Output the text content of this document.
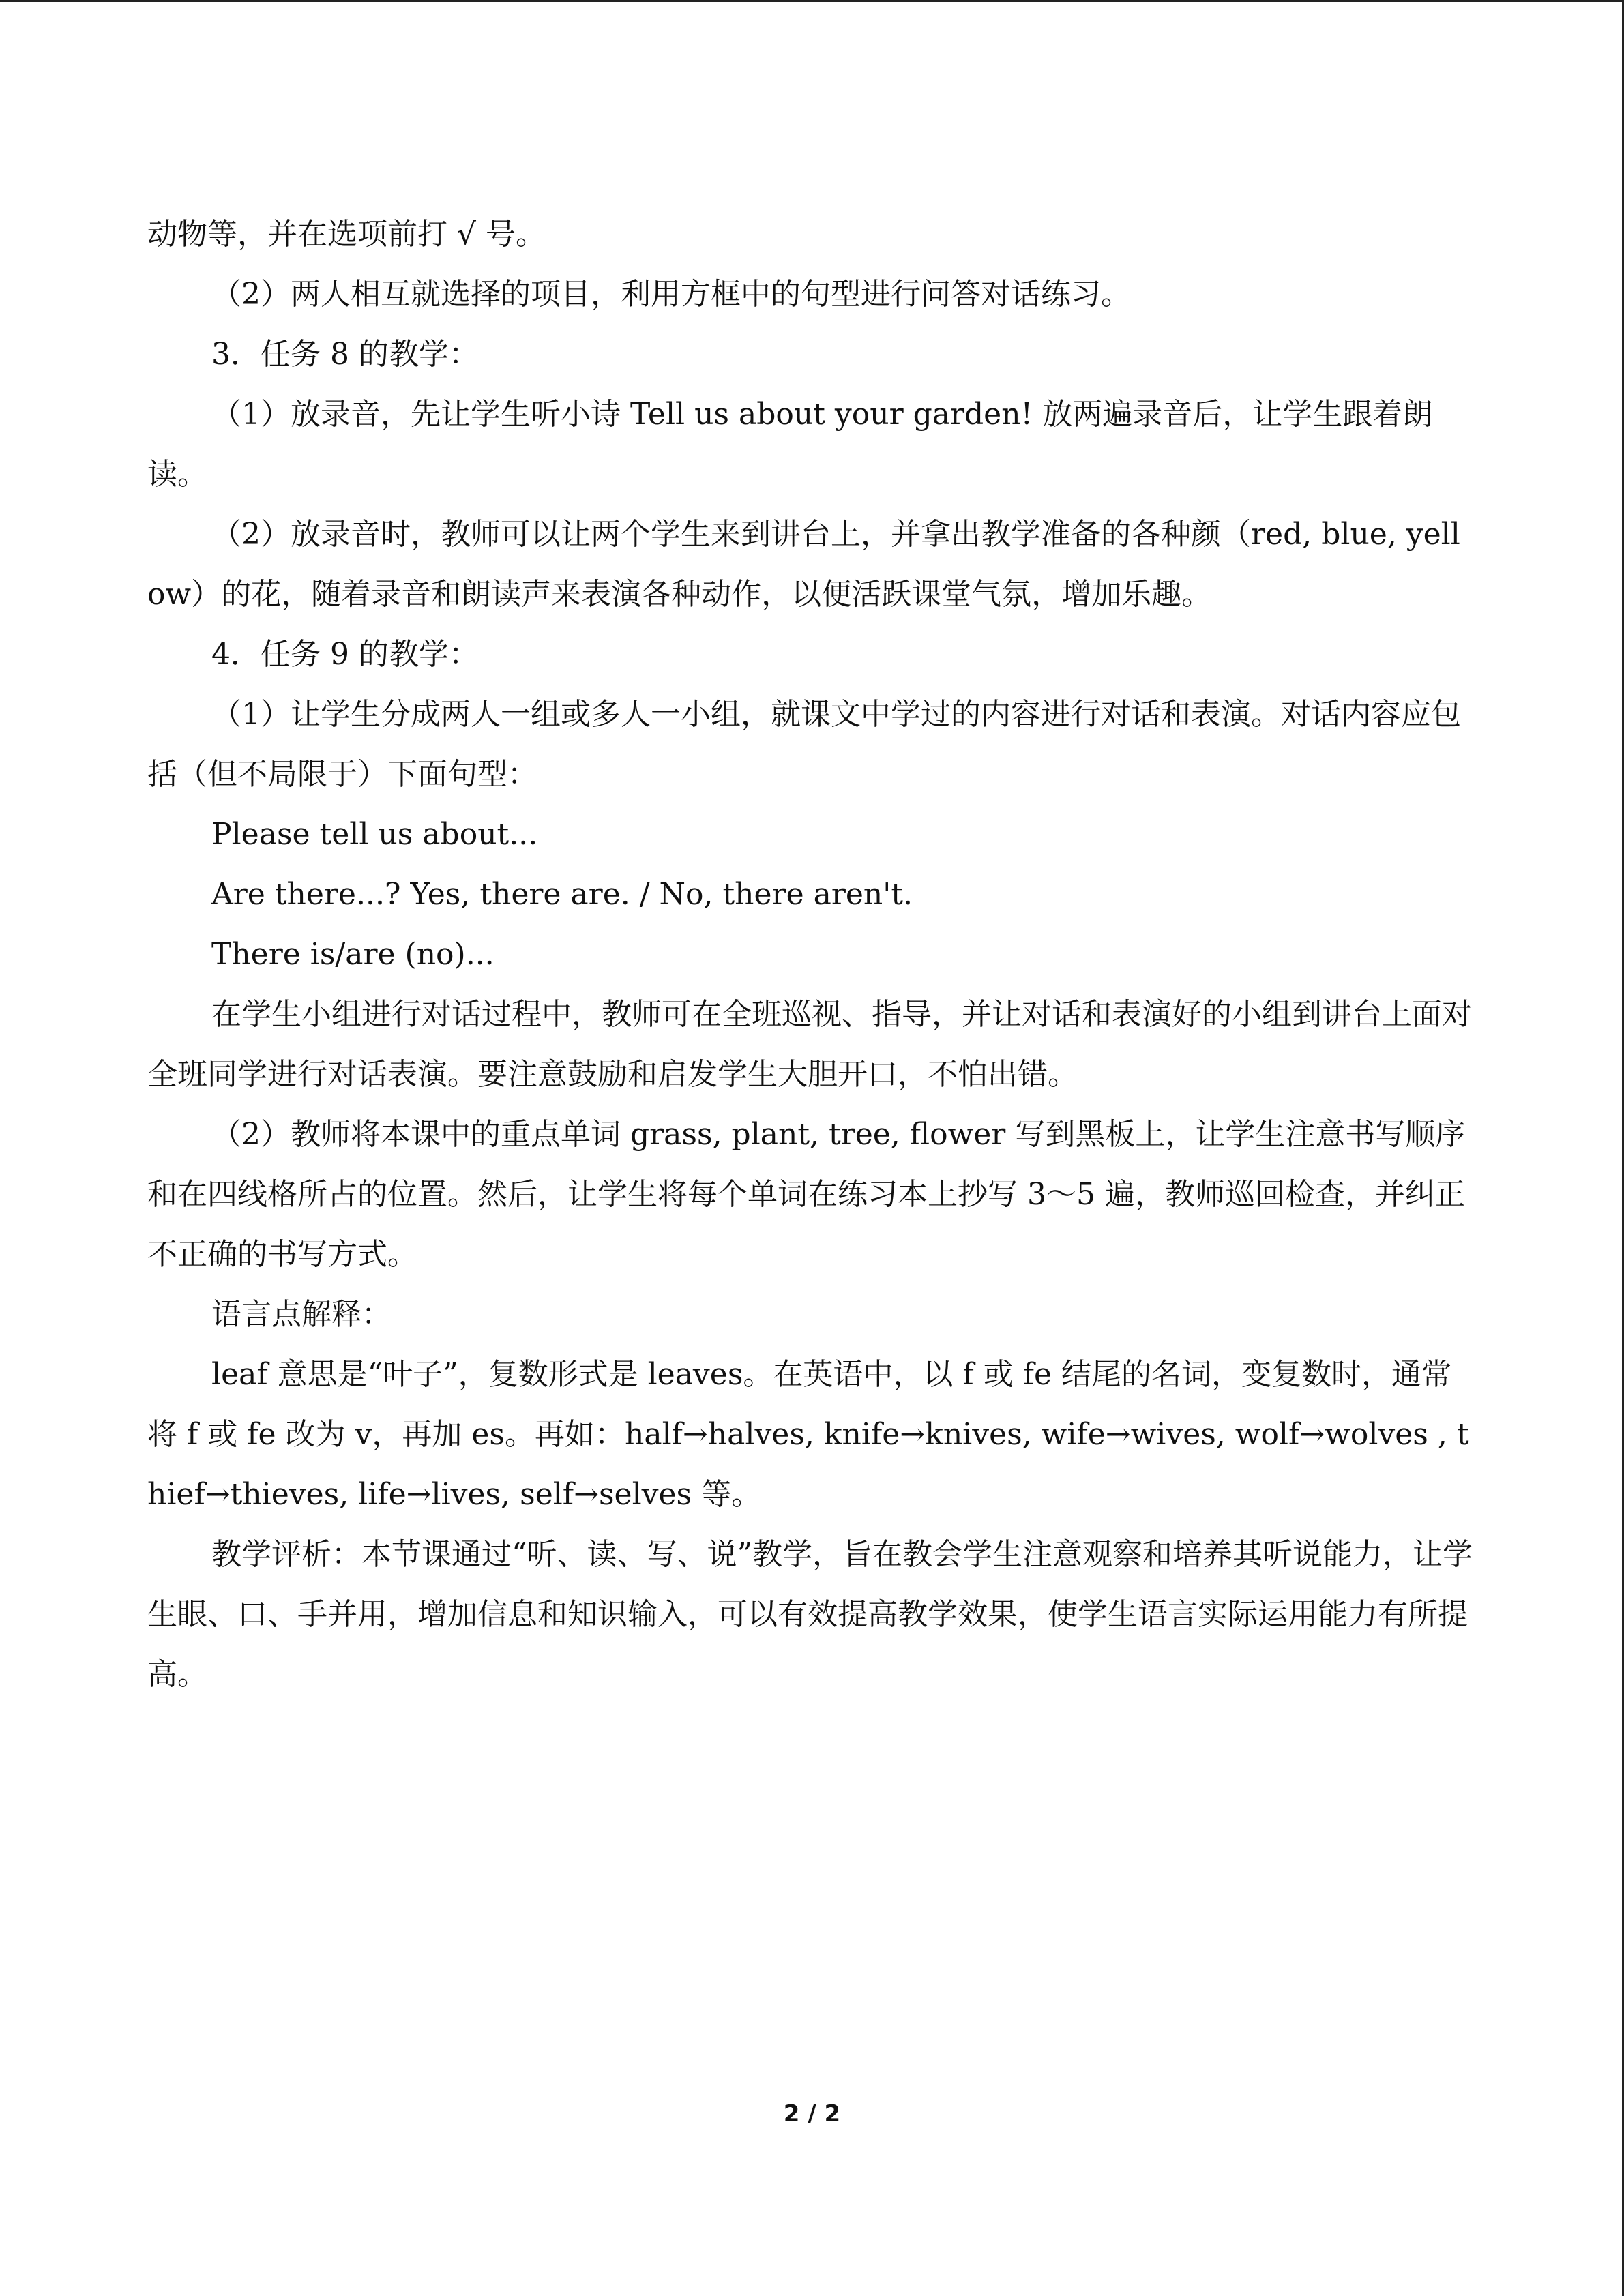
动物等，并在选项前打 √ 号。

（2）两人相互就选择的项目，利用方框中的句型进行问答对话练习。

3．任务 8 的教学：

（1）放录音，先让学生听小诗 Tell us about your garden! 放两遍录音后，让学生跟着朗读。

（2）放录音时，教师可以让两个学生来到讲台上，并拿出教学准备的各种颜（red, blue, yellow）的花，随着录音和朗读声来表演各种动作，以便活跃课堂气氛，增加乐趣。

4．任务 9 的教学：

（1）让学生分成两人一组或多人一小组，就课文中学过的内容进行对话和表演。对话内容应包括（但不局限于）下面句型：

Please tell us about...

Are there...? Yes, there are. / No, there aren't.

There is/are (no)...

在学生小组进行对话过程中，教师可在全班巡视、指导，并让对话和表演好的小组到讲台上面对全班同学进行对话表演。要注意鼓励和启发学生大胆开口，不怕出错。

（2）教师将本课中的重点单词 grass, plant, tree, flower 写到黑板上，让学生注意书写顺序和在四线格所占的位置。然后，让学生将每个单词在练习本上抄写 3～5 遍，教师巡回检查，并纠正不正确的书写方式。

语言点解释：

leaf 意思是“叶子”，复数形式是 leaves。在英语中，以 f 或 fe 结尾的名词，变复数时，通常将 f 或 fe 改为 v，再加 es。再如：half→halves, knife→knives, wife→wives, wolf→wolves , thief→thieves, life→lives, self→selves 等。

教学评析：本节课通过“听、读、写、说”教学，旨在教会学生注意观察和培养其听说能力，让学生眼、口、手并用，增加信息和知识输入，可以有效提高教学效果，使学生语言实际运用能力有所提高。

2 / 2
